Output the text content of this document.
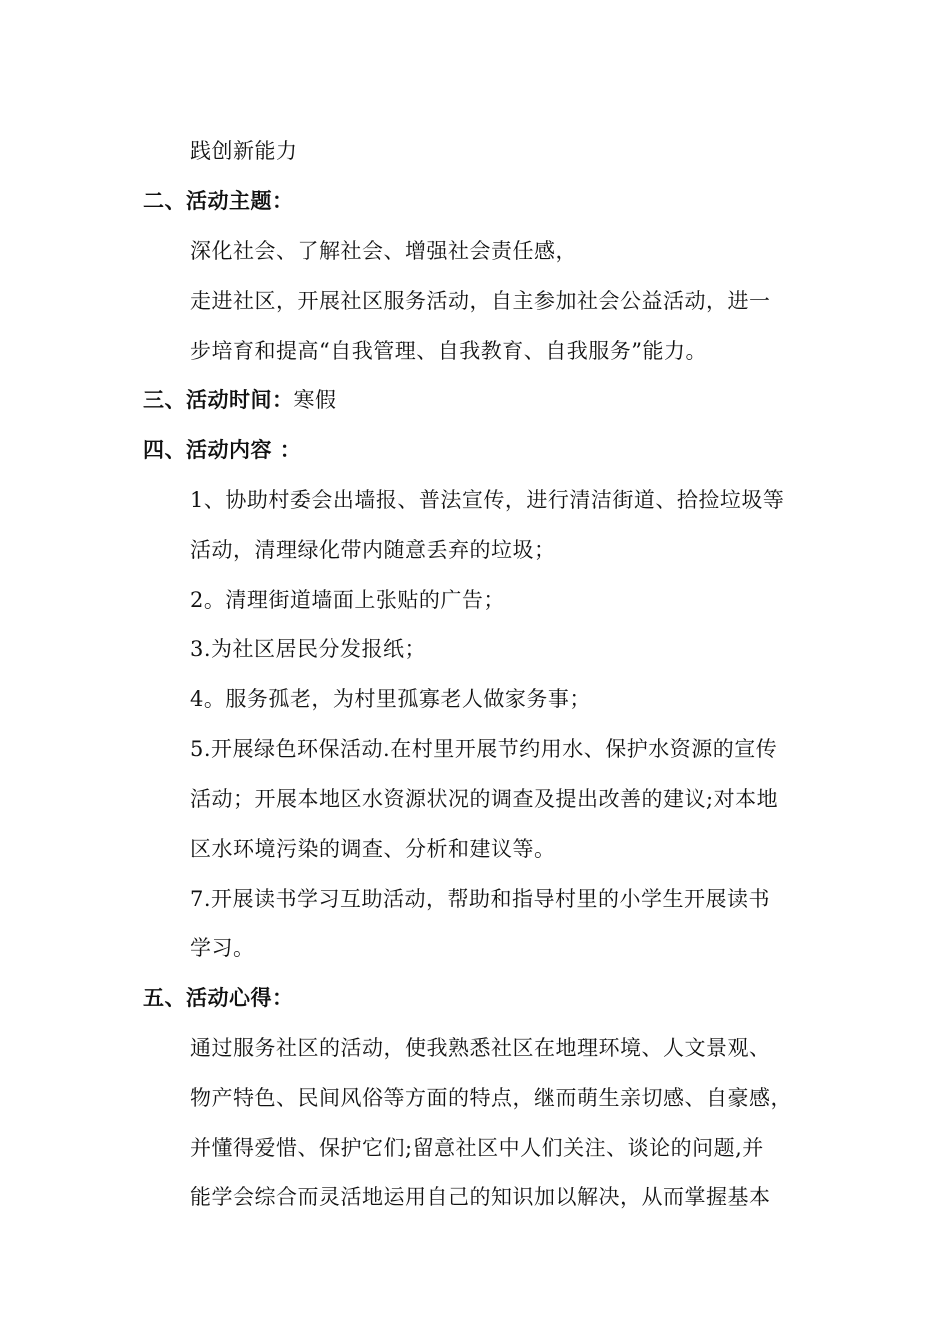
践创新能力
二、活动主题：
深化社会、了解社会、增强社会责任感，
走进社区，开展社区服务活动，自主参加社会公益活动，进一
步培育和提高“自我管理、自我教育、自我服务”能力。
三、活动时间：寒假
四、活动内容 ：
1、协助村委会出墙报、普法宣传，进行清洁街道、拾捡垃圾等
活动，清理绿化带内随意丢弃的垃圾；
2。清理街道墙面上张贴的广告；
3.为社区居民分发报纸；
4。服务孤老，为村里孤寡老人做家务事；
5.开展绿色环保活动.在村里开展节约用水、保护水资源的宣传
活动；开展本地区水资源状况的调查及提出改善的建议;对本地
区水环境污染的调查、分析和建议等。
7.开展读书学习互助活动，帮助和指导村里的小学生开展读书
学习。
五、活动心得：
通过服务社区的活动，使我熟悉社区在地理环境、人文景观、
物产特色、民间风俗等方面的特点，继而萌生亲切感、自豪感，
并懂得爱惜、保护它们;留意社区中人们关注、谈论的问题,并
能学会综合而灵活地运用自己的知识加以解决，从而掌握基本
